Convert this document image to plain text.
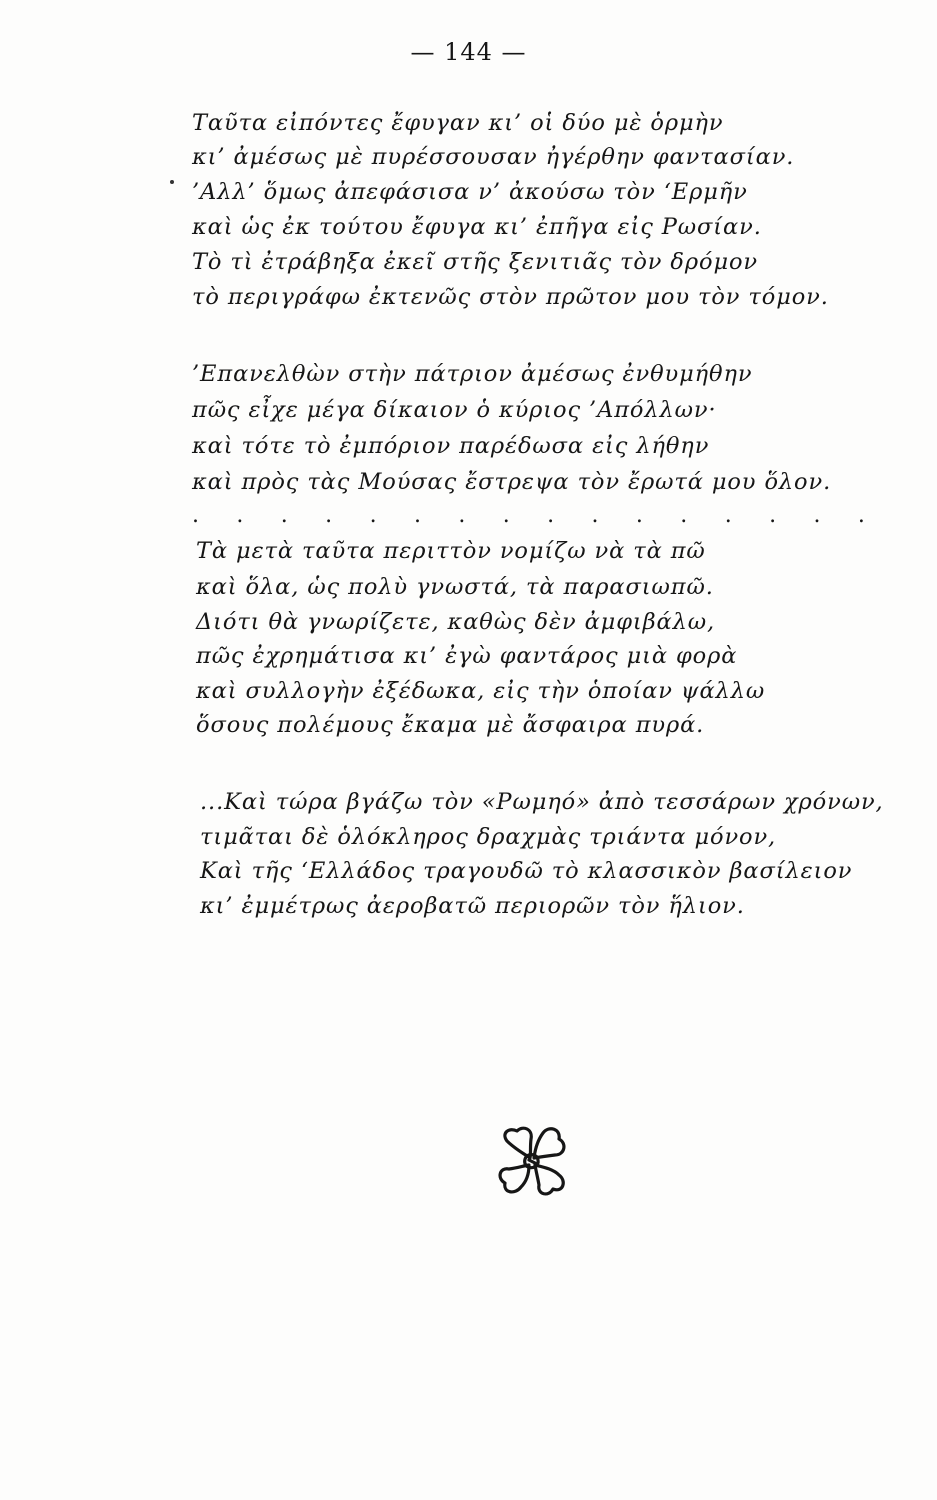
— 144 —
Ταῦτα εἰπόντες ἔφυγαν κι’ οἱ δύο μὲ ὁρμὴν
κι’ ἀμέσως μὲ πυρέσσουσαν ἠγέρθην φαντασίαν.
’Αλλ’ ὅμως ἀπεφάσισα ν’ ἀκούσω τὸν ‘Ερμῆν
καὶ ὡς ἐκ τούτου ἔφυγα κι’ ἐπῆγα εἰς Ρωσίαν.
Τὸ τὶ ἐτράβηξα ἐκεῖ στῆς ξενιτιᾶς τὸν δρόμον
τὸ περιγράφω ἐκτενῶς στὸν πρῶτον μου τὸν τόμον.
’Επανελθὼν στὴν πάτριον ἀμέσως ἐνθυμήθην
πῶς εἶχε μέγα δίκαιον ὁ κύριος ’Απόλλων·
καὶ τότε τὸ ἐμπόριον παρέδωσα εἰς λήθην
καὶ πρὸς τὰς Μούσας ἔστρεψα τὸν ἔρωτά μου ὅλον.
. . . . . . . . . . . . . . . .
Τὰ μετὰ ταῦτα περιττὸν νομίζω νὰ τὰ πῶ
καὶ ὅλα, ὡς πολὺ γνωστά, τὰ παρασιωπῶ.
Διότι θὰ γνωρίζετε, καθὼς δὲν ἀμφιβάλω,
πῶς ἐχρημάτισα κι’ ἐγὼ φαντάρος μιὰ φορὰ
καὶ συλλογὴν ἐξέδωκα, εἰς τὴν ὁποίαν ψάλλω
ὅσους πολέμους ἔκαμα μὲ ἄσφαιρα πυρά.
...Καὶ τώρα βγάζω τὸν «Ρωμηό» ἀπὸ τεσσάρων χρόνων,
τιμᾶται δὲ ὁλόκληρος δραχμὰς τριάντα μόνον,
Καὶ τῆς ‘Ελλάδος τραγουδῶ τὸ κλασσικὸν βασίλειον
κι’ ἐμμέτρως ἀεροβατῶ περιορῶν τὸν ἥλιον.
